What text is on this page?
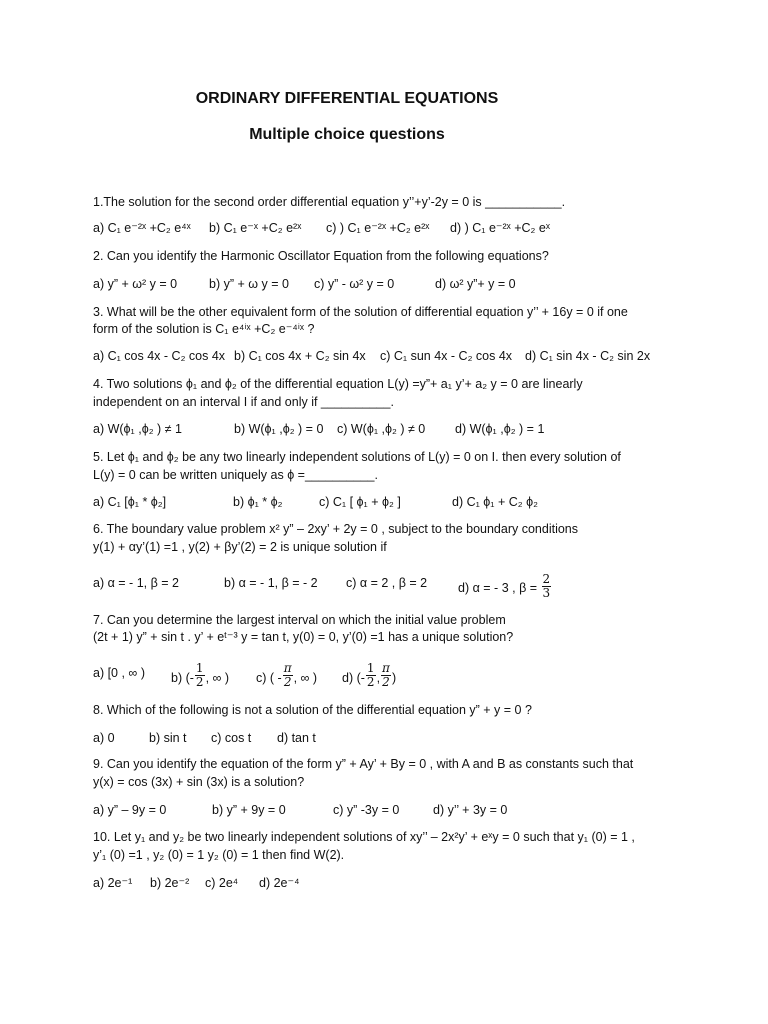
ORDINARY DIFFERENTIAL EQUATIONS
Multiple choice questions
1.The solution for the second order differential equation y’’+y’-2y = 0 is ___________.
a) C₁ e⁻²ˣ +C₂ e⁴ˣ b) C₁ e⁻ˣ +C₂ e²ˣ c) ) C₁ e⁻²ˣ +C₂ e²ˣ d) ) C₁ e⁻²ˣ +C₂ eˣ
2. Can you identify the Harmonic Oscillator Equation from the following equations?
a) y” + ω² y = 0	b) y” + ω y = 0 c) y” - ω² y = 0	d) ω² y”+ y = 0
3. What will be the other equivalent form of the solution of differential equation y’’ + 16y = 0 if one
form of the solution is C₁ e⁴ⁱˣ +C₂ e⁻⁴ⁱˣ ?
a) C₁ cos 4x - C₂ cos 4x b) C₁ cos 4x + C₂ sin 4x c) C₁ sun 4x - C₂ cos 4x d) C₁ sin 4x - C₂ sin 2x
4. Two solutions ϕ₁ and ϕ₂ of the differential equation L(y) =y”+ a₁ y’+ a₂ y = 0 are linearly
independent on an interval I if and only if __________.
a) W(ϕ₁ ,ϕ₂ ) ≠ 1	b) W(ϕ₁ ,ϕ₂ ) = 0 c) W(ϕ₁ ,ϕ₂ ) ≠ 0 d) W(ϕ₁ ,ϕ₂ ) = 1
5. Let ϕ₁ and ϕ₂ be any two linearly independent solutions of L(y) = 0 on I. then every solution of
L(y) = 0 can be written uniquely as ϕ =__________.
a) C₁ [ϕ₁ * ϕ₂]	b) ϕ₁ * ϕ₂	c) C₁ [ ϕ₁ + ϕ₂ ]	d) C₁ ϕ₁ + C₂ ϕ₂
6. The boundary value problem x² y” – 2xy’ + 2y = 0 , subject to the boundary conditions
y(1) + αy’(1) =1 , y(2) + βy’(2) = 2 is unique solution if
a) α = - 1, β = 2	b) α = - 1, β = - 2 c) α = 2 , β = 2 d) α = - 3 , $\beta = \frac{2}{3}$
7. Can you determine the largest interval on which the initial value problem
(2t + 1) y” + sin t . y’ + eᵗ⁻³ y = tan t, y(0) = 0, y’(0) =1 has a unique solution?
a) [0 , ∞ ) b) (- $\frac{1}{2}$ , ∞ ) c) ( - $\frac{\pi}{2}$ , ∞ ) d) (- $\frac{1}{2}$ , $\frac{\pi}{2}$ )
8. Which of the following is not a solution of the differential equation y” + y = 0 ?
a) 0	b) sin t c) cos t d) tan t
9. Can you identify the equation of the form y” + Ay’ + By = 0 , with A and B as constants such that
y(x) = cos (3x) + sin (3x) is a solution?
a) y” – 9y = 0	b) y” + 9y = 0	c) y” -3y = 0	d) y’’ + 3y = 0
10. Let y₁ and y₂ be two linearly independent solutions of xy’’ – 2x²y’ + eˣy = 0 such that y₁ (0) = 1 ,
y’₁ (0) =1 , y₂ (0) = 1 y₂ (0) = 1 then find W(2).
a) 2e⁻¹ b) 2e⁻² c) 2e⁴ d) 2e⁻⁴
